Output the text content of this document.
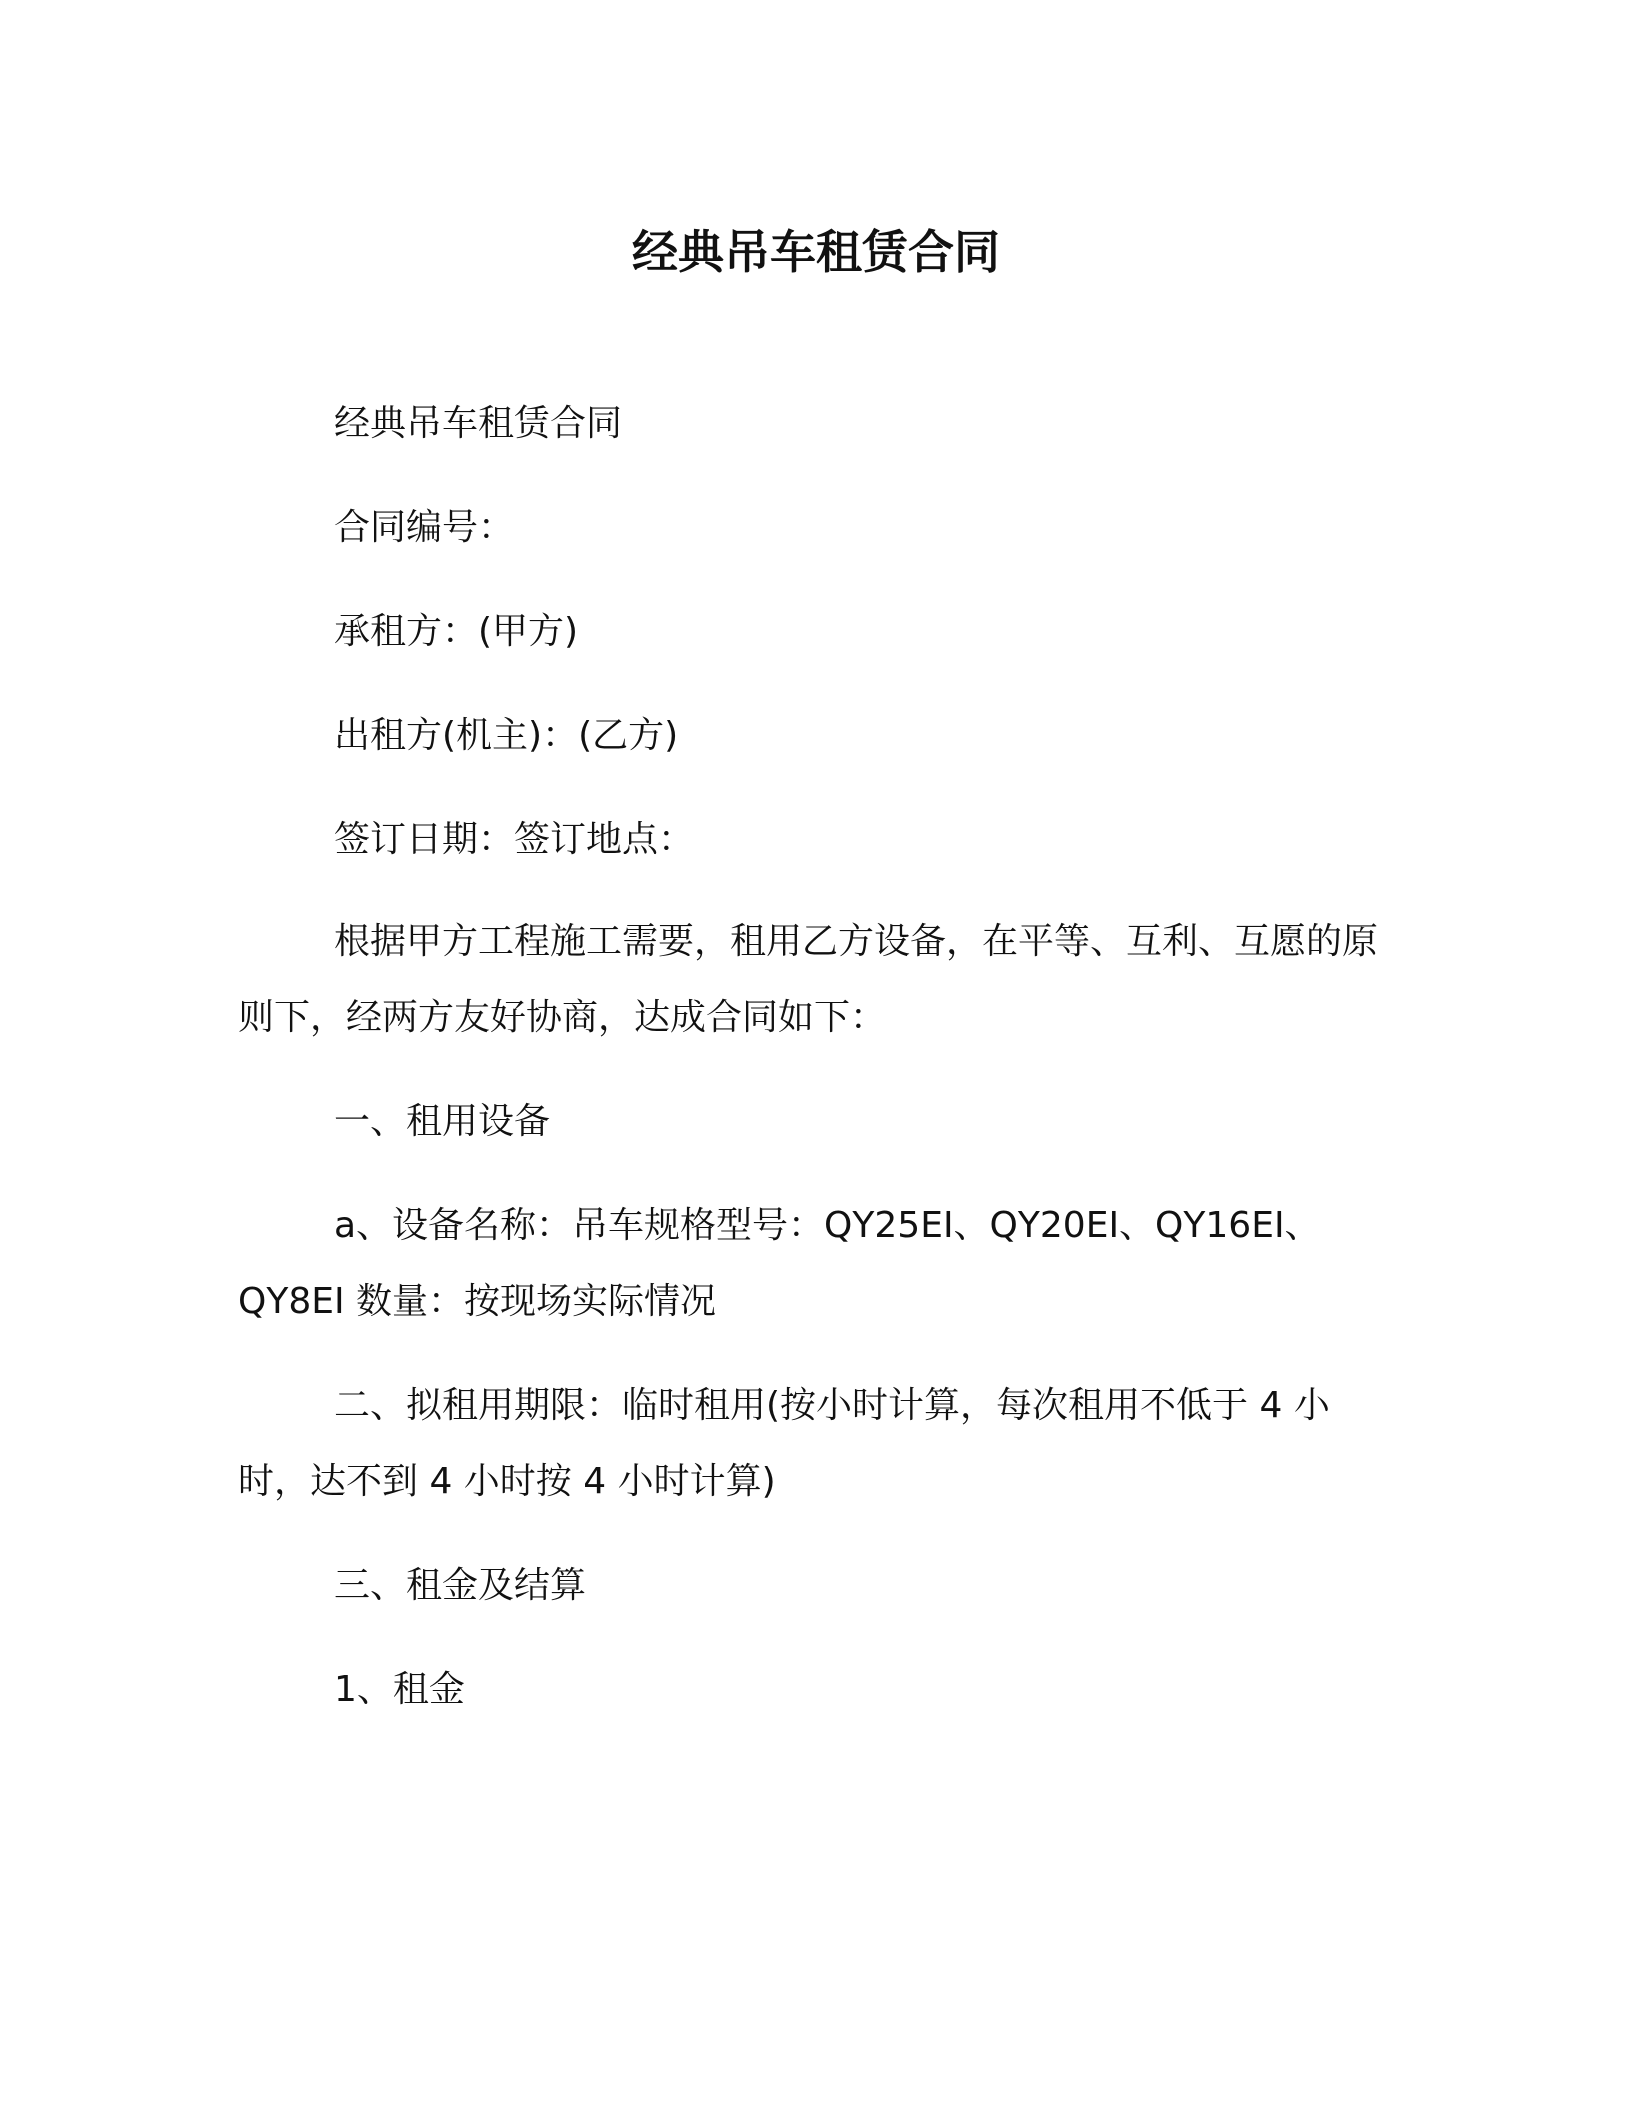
经典吊车租赁合同

经典吊车租赁合同

合同编号：

承租方：(甲方)

出租方(机主)：(乙方)

签订日期：签订地点：

根据甲方工程施工需要，租用乙方设备，在平等、互利、互愿的原则下，经两方友好协商，达成合同如下：

一、租用设备

a、设备名称：吊车规格型号：QY25EI、QY20EI、QY16EI、QY8EI 数量：按现场实际情况

二、拟租用期限：临时租用(按小时计算，每次租用不低于 4 小时，达不到 4 小时按 4 小时计算)

三、租金及结算

1、租金
